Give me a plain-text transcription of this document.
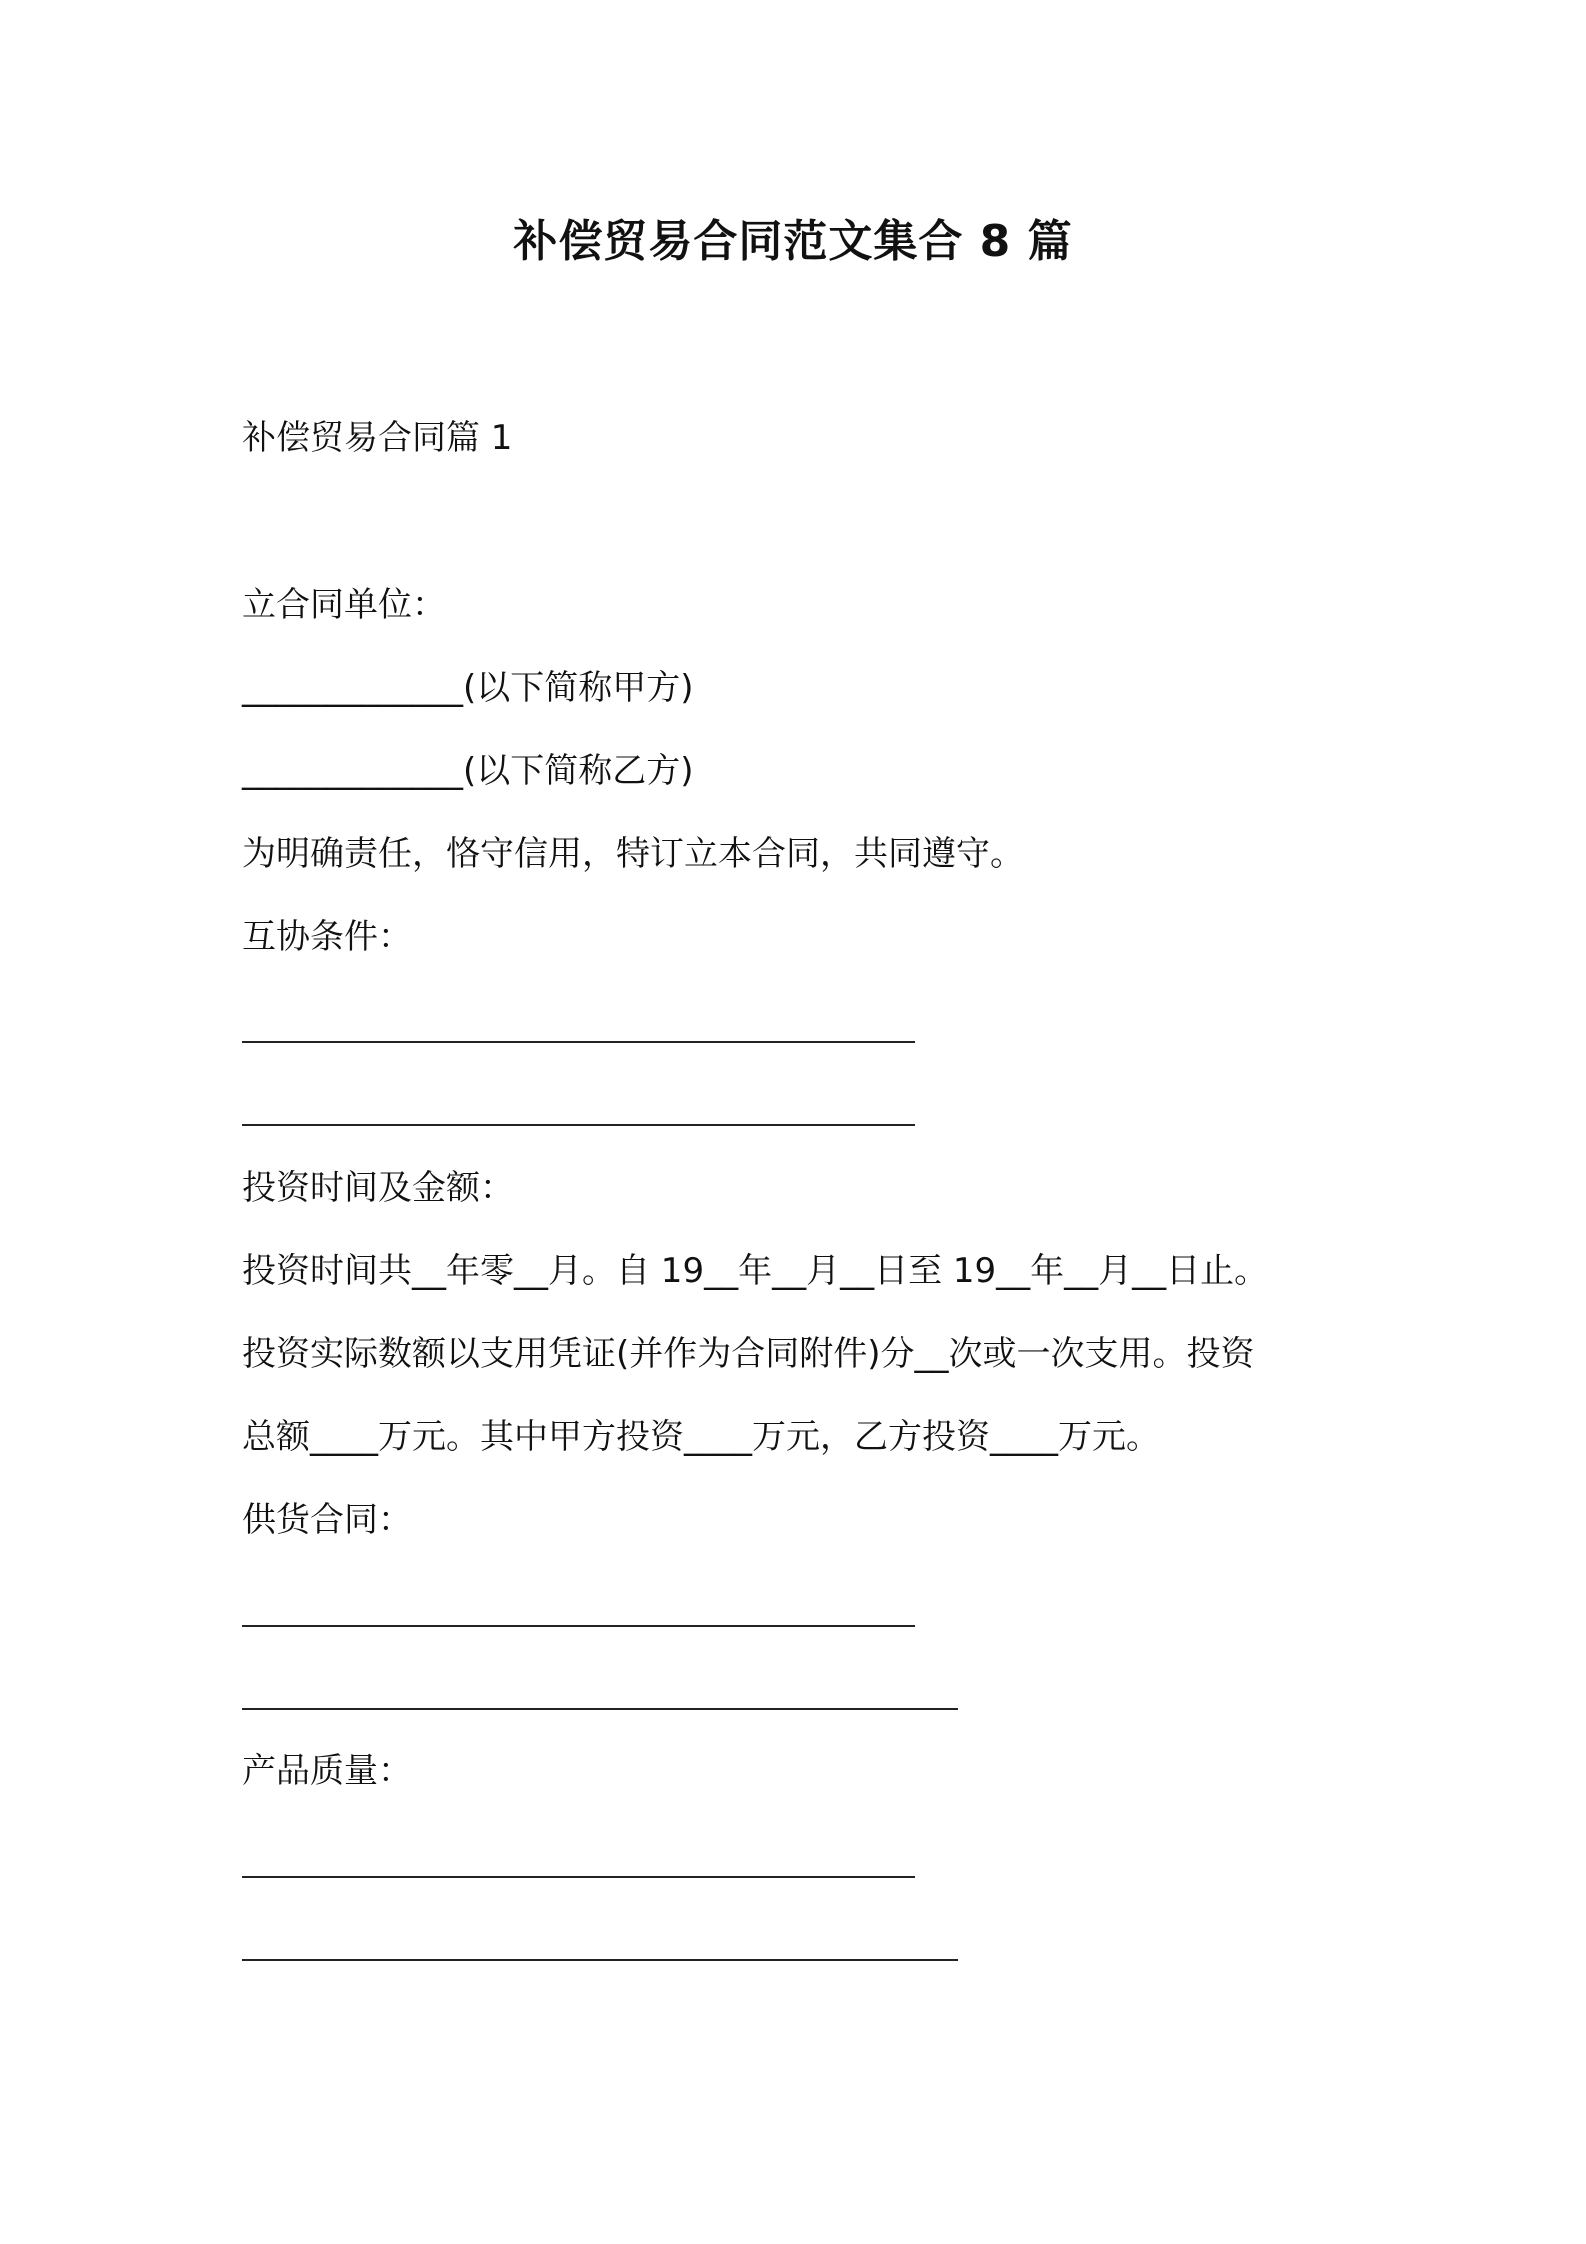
补偿贸易合同范文集合 8 篇
补偿贸易合同篇 1
立合同单位：
_____________(以下简称甲方)
_____________(以下简称乙方)
为明确责任，恪守信用，特订立本合同，共同遵守。
互协条件：
投资时间及金额：
投资时间共__年零__月。自 19__年__月__日至 19__年__月__日止。
投资实际数额以支用凭证(并作为合同附件)分__次或一次支用。投资
总额____万元。其中甲方投资____万元，乙方投资____万元。
供货合同：
产品质量：
